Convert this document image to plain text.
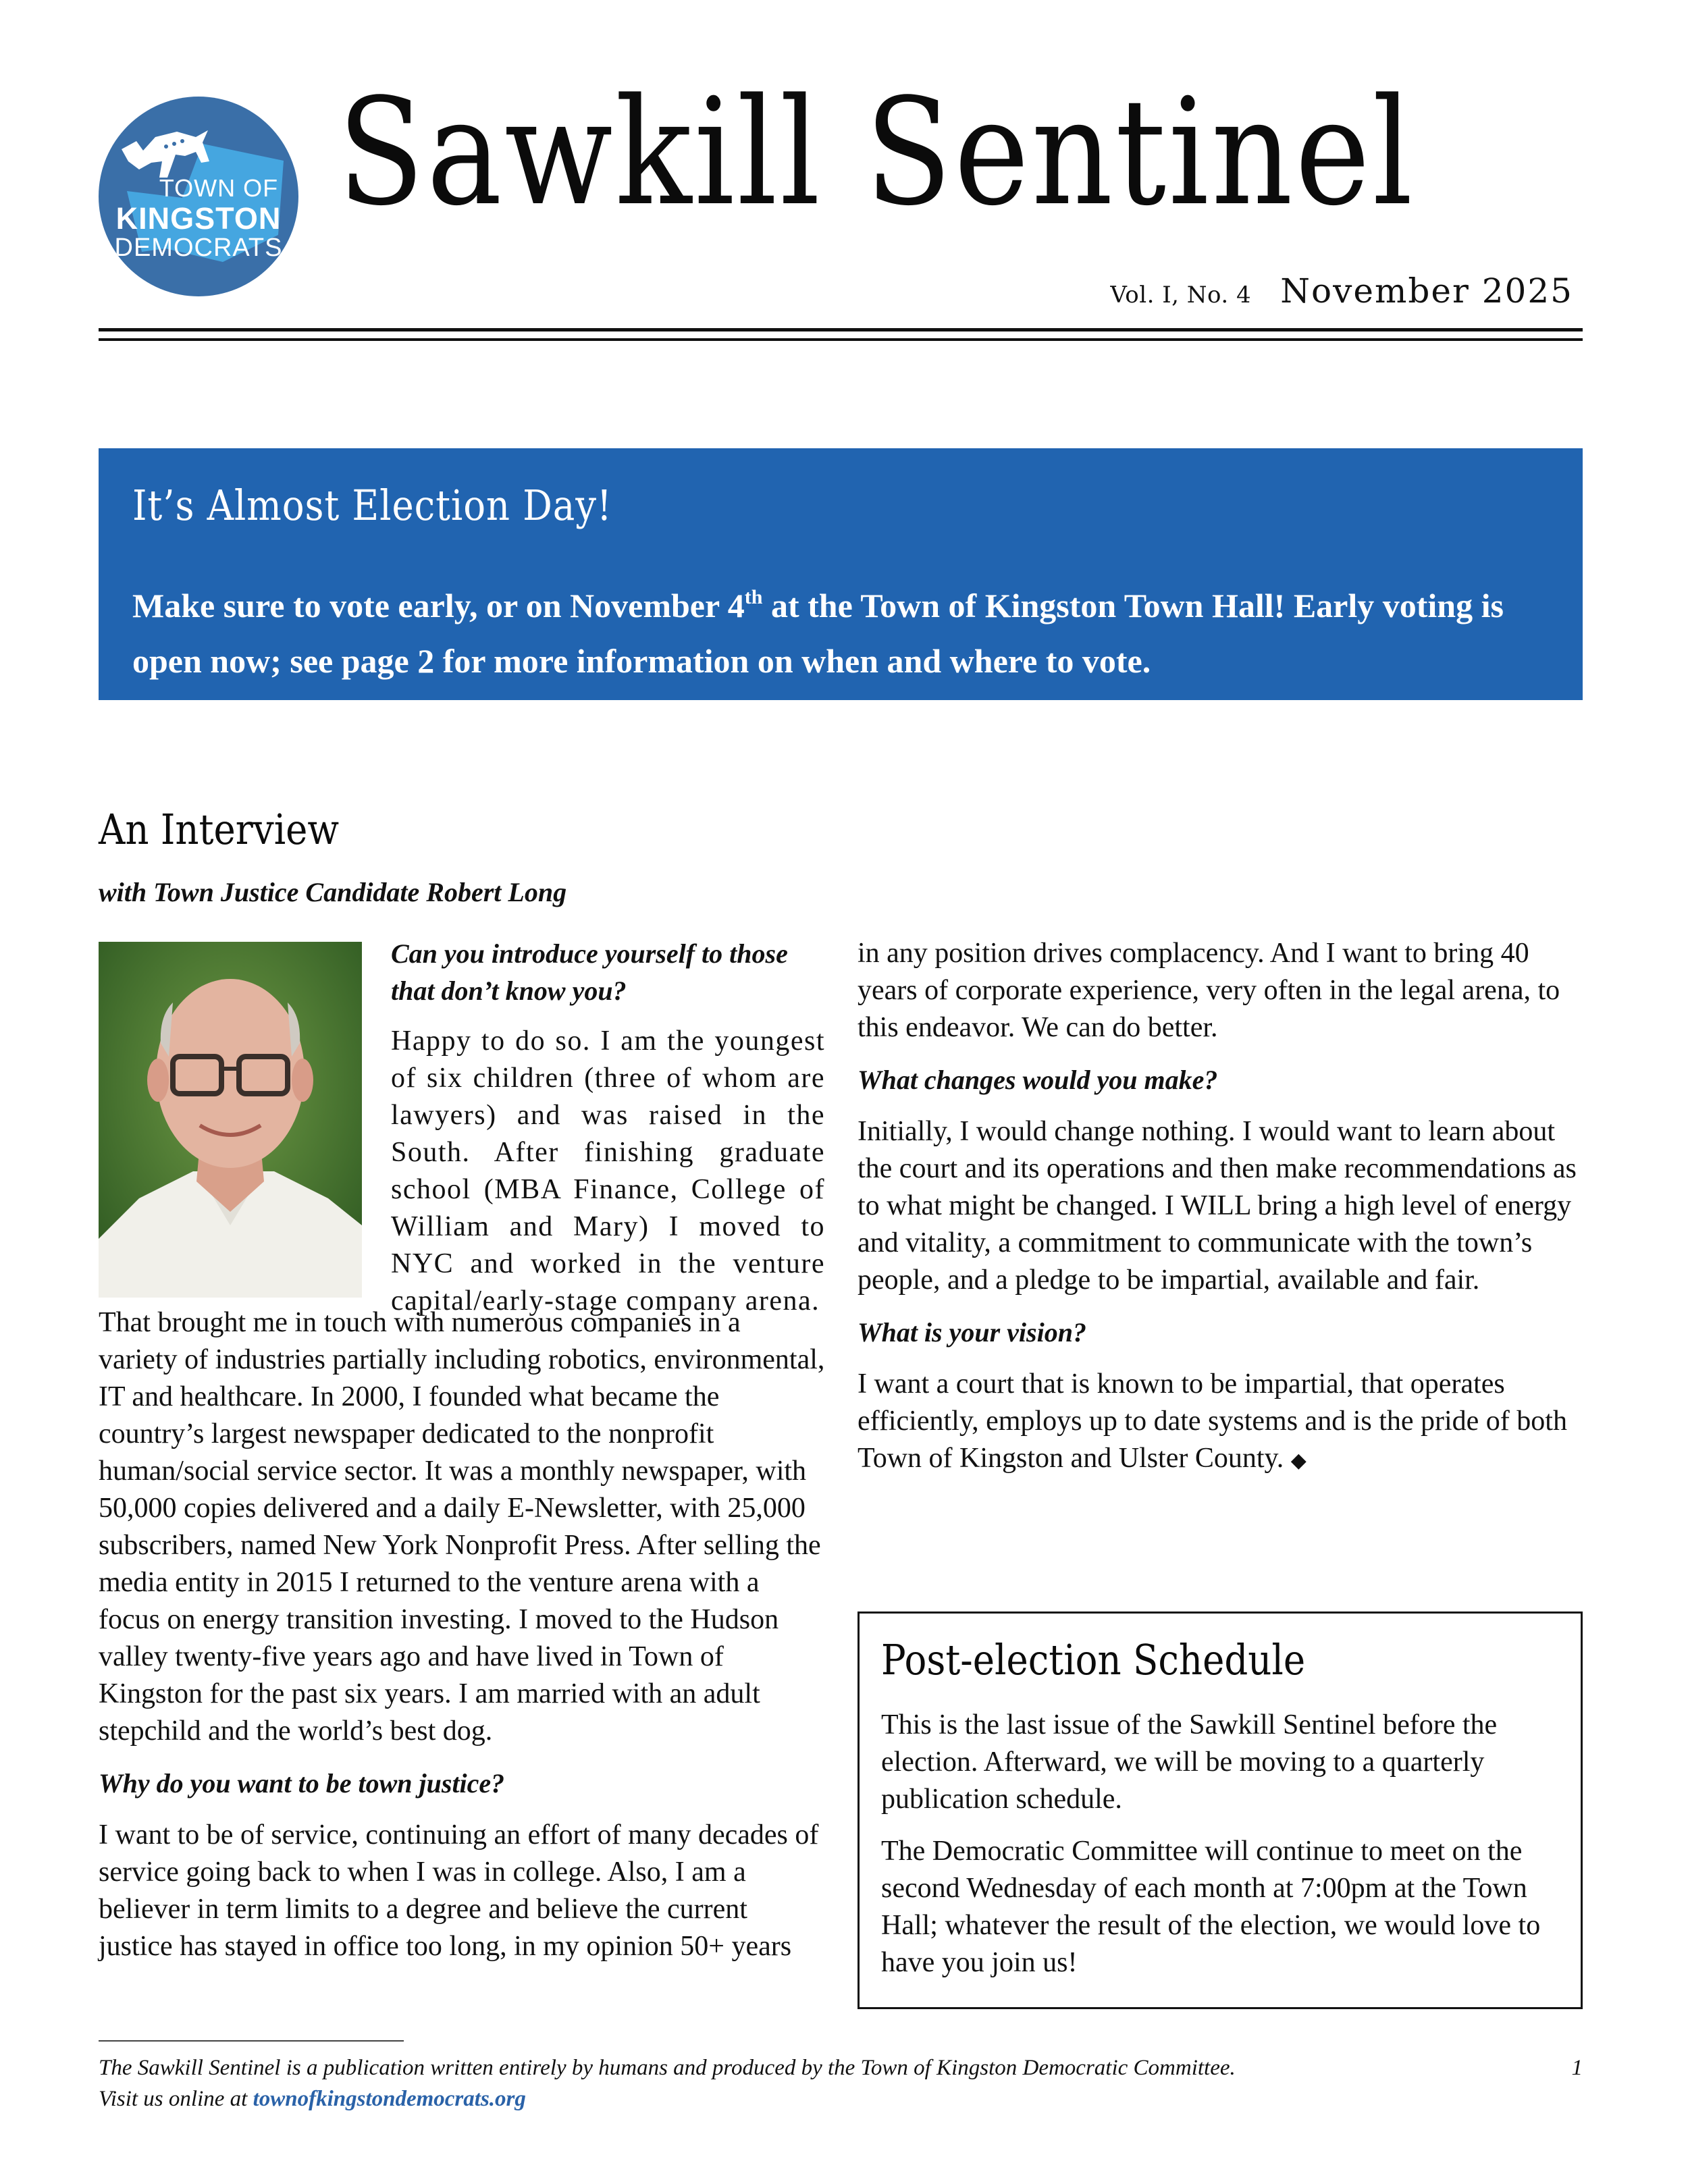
TOWN OF
KINGSTON
DEMOCRATS
Sawkill Sentinel
Vol. I, No. 4 November 2025
It’s Almost Election Day!

Make sure to vote early, or on November 4th at the Town of Kingston Town Hall! Early voting is open now; see page 2 for more information on when and where to vote.

An Interview
with Town Justice Candidate Robert Long

Can you introduce yourself to those that don’t know you?

Happy to do so. I am the youngest of six children (three of whom are lawyers) and was raised in the South. After finishing graduate school (MBA Finance, College of William and Mary) I moved to NYC and worked in the venture capital/early-stage company arena.

That brought me in touch with numerous companies in a variety of industries partially including robotics, environmental, IT and healthcare. In 2000, I founded what became the country’s largest newspaper dedicated to the nonprofit human/social service sector. It was a monthly newspaper, with 50,000 copies delivered and a daily E-Newsletter, with 25,000 subscribers, named New York Nonprofit Press. After selling the media entity in 2015 I returned to the venture arena with a focus on energy transition investing. I moved to the Hudson valley twenty-five years ago and have lived in Town of Kingston for the past six years. I am married with an adult stepchild and the world’s best dog.

Why do you want to be town justice?

I want to be of service, continuing an effort of many decades of service going back to when I was in college. Also, I am a believer in term limits to a degree and believe the current justice has stayed in office too long, in my opinion 50+ years

in any position drives complacency. And I want to bring 40 years of corporate experience, very often in the legal arena, to this endeavor. We can do better.

What changes would you make?

Initially, I would change nothing. I would want to learn about the court and its operations and then make recommendations as to what might be changed. I WILL bring a high level of energy and vitality, a commitment to communicate with the town’s people, and a pledge to be impartial, available and fair.

What is your vision?

I want a court that is known to be impartial, that operates efficiently, employs up to date systems and is the pride of both Town of Kingston and Ulster County. ◆

Post-election Schedule

This is the last issue of the Sawkill Sentinel before the election. Afterward, we will be moving to a quarterly publication schedule.

The Democratic Committee will continue to meet on the second Wednesday of each month at 7:00pm at the Town Hall; whatever the result of the election, we would love to have you join us!

The Sawkill Sentinel is a publication written entirely by humans and produced by the Town of Kingston Democratic Committee.
Visit us online at townofkingstondemocrats.org
1
